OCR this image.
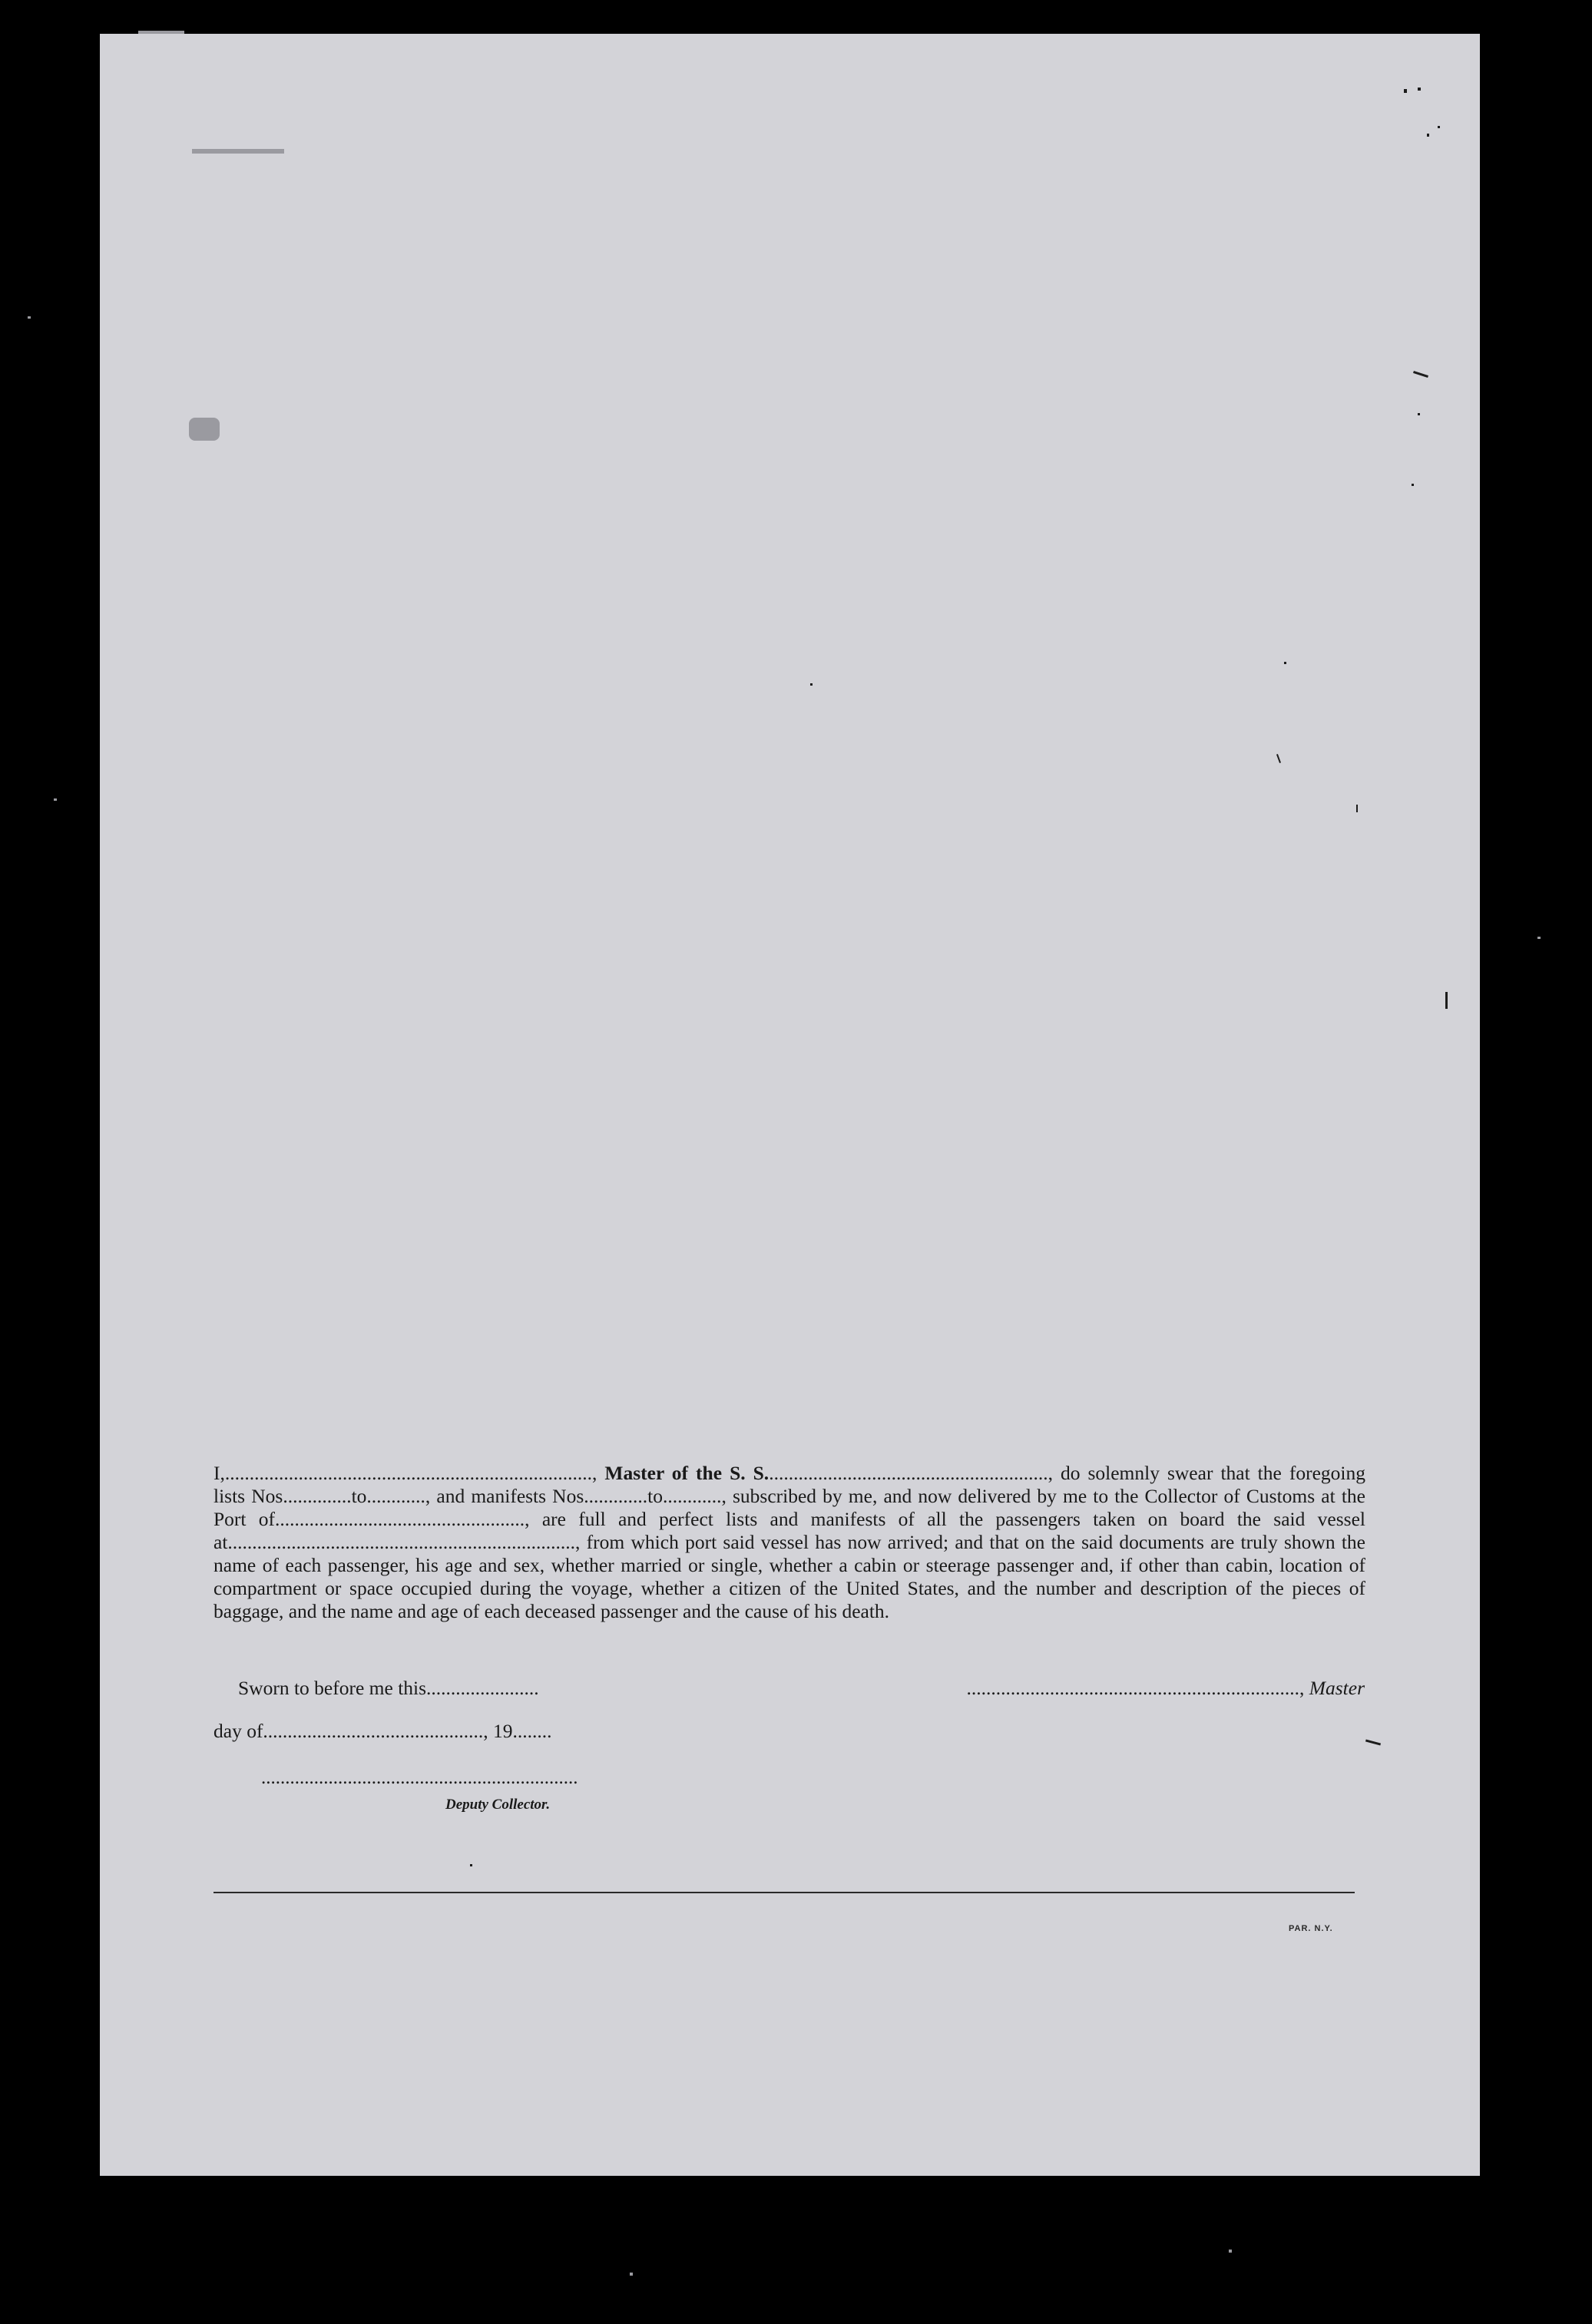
I,..........................................................................., Master of the S. S.........................................................., do solemnly swear that the foregoing lists Nos..............to............, and manifests Nos.............to............, subscribed by me, and now delivered by me to the Collector of Customs at the Port of..................................................., are full and perfect lists and manifests of all the passengers taken on board the said vessel at......................................................................., from which port said vessel has now arrived; and that on the said documents are truly shown the name of each passenger, his age and sex, whether married or single, whether a cabin or steerage passenger and, if other than cabin, location of compartment or space occupied during the voyage, whether a citizen of the United States, and the number and description of the pieces of baggage, and the name and age of each deceased passenger and the cause of his death.
Sworn to before me this.......................	...................................................................., Master
day of............................................., 19........
..................................................................
Deputy Collector.
PAR. N.Y.
